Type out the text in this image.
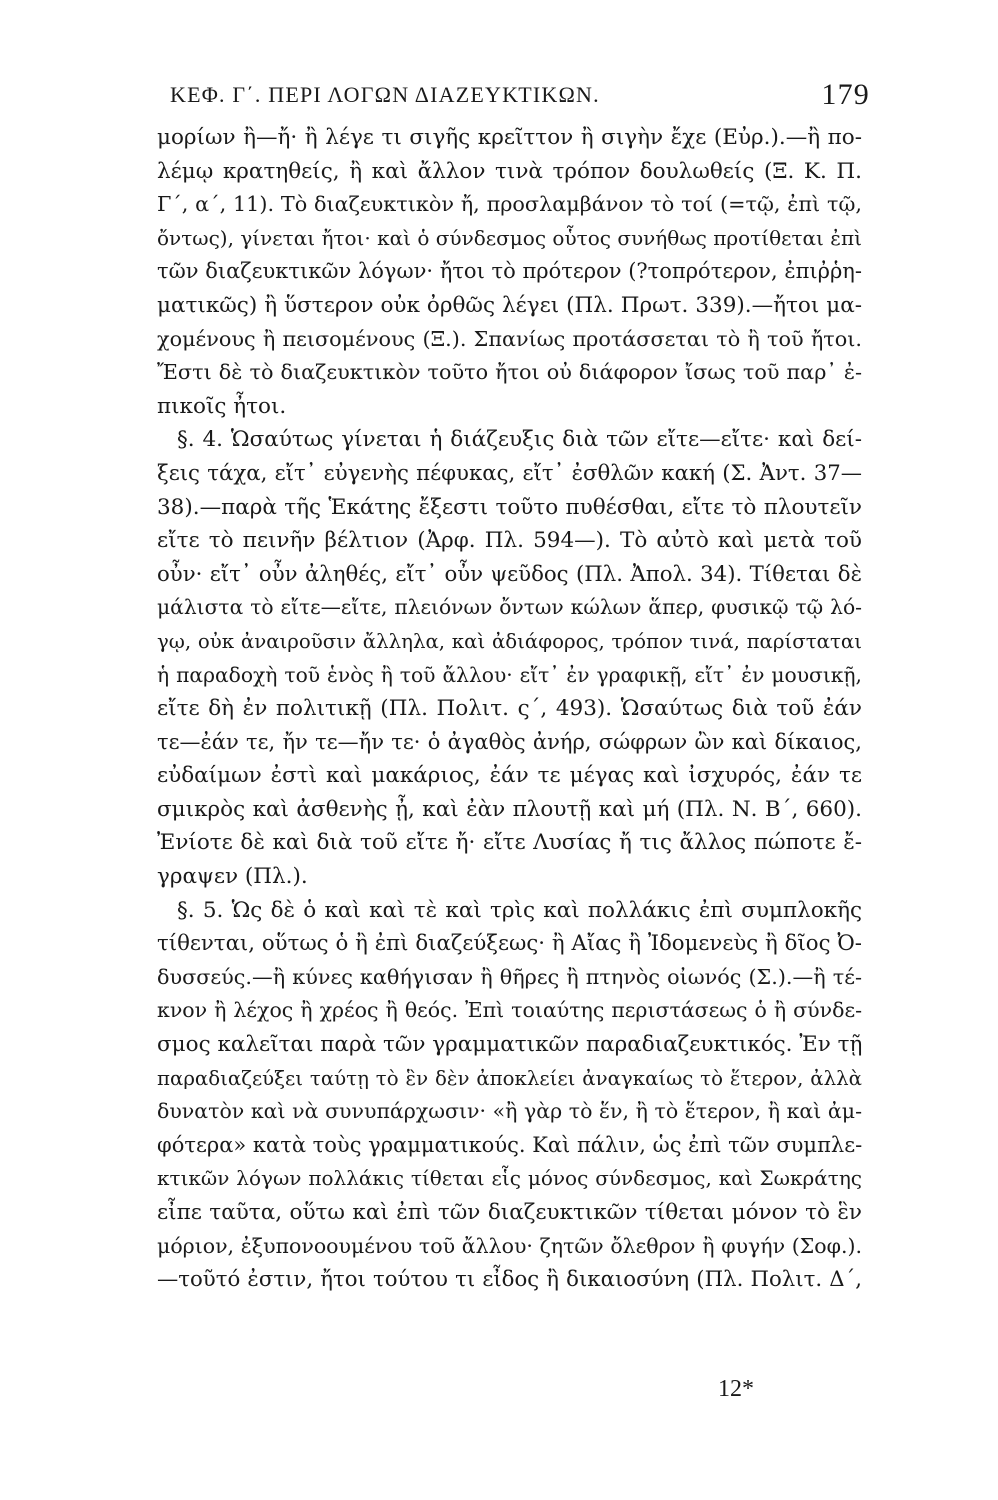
ΚΕΦ. Γ΄. ΠΕΡΙ ΛΟΓΩΝ ΔΙΑΖΕΥΚΤΙΚΩΝ.	179
μορίων ἢ—ἤ· ἢ λέγε τι σιγῆς κρεῖττον ἢ σιγὴν ἔχε (Εὐρ.).—ἢ πο-
λέμῳ κρατηθείς, ἢ καὶ ἄλλον τινὰ τρόπον δουλωθείς (Ξ. Κ. Π.
Γ΄, α΄, 11). Τὸ διαζευκτικὸν ἤ, προσλαμβάνον τὸ τοί (=τῷ, ἐπὶ τῷ,
ὄντως), γίνεται ἤτοι· καὶ ὁ σύνδεσμος οὗτος συνήθως προτίθεται ἐπὶ
τῶν διαζευκτικῶν λόγων· ἤτοι τὸ πρότερον (?τοπρότερον, ἐπιῤῥη-
ματικῶς) ἢ ὕστερον οὐκ ὀρθῶς λέγει (Πλ. Πρωτ. 339).—ἤτοι μα-
χομένους ἢ πεισομένους (Ξ.). Σπανίως προτάσσεται τὸ ἢ τοῦ ἤτοι.
Ἔστι δὲ τὸ διαζευκτικὸν τοῦτο ἤτοι οὐ διάφορον ἴσως τοῦ παρ᾽ ἐ-
πικοῖς ἦτοι.
§. 4. Ὡσαύτως γίνεται ἡ διάζευξις διὰ τῶν εἴτε—εἴτε· καὶ δεί-
ξεις τάχα, εἴτ᾽ εὐγενὴς πέφυκας, εἴτ᾽ ἐσθλῶν κακή (Σ. Ἀντ. 37—
38).—παρὰ τῆς Ἑκάτης ἔξεστι τοῦτο πυθέσθαι, εἴτε τὸ πλουτεῖν
εἴτε τὸ πεινῆν βέλτιον (Ἀρφ. Πλ. 594—). Τὸ αὐτὸ καὶ μετὰ τοῦ
οὖν· εἴτ᾽ οὖν ἀληθές, εἴτ᾽ οὖν ψεῦδος (Πλ. Ἀπολ. 34). Τίθεται δὲ
μάλιστα τὸ εἴτε—εἴτε, πλειόνων ὄντων κώλων ἅπερ, φυσικῷ τῷ λό-
γῳ, οὐκ ἀναιροῦσιν ἄλληλα, καὶ ἀδιάφορος, τρόπον τινά, παρίσταται
ἡ παραδοχὴ τοῦ ἑνὸς ἢ τοῦ ἄλλου· εἴτ᾽ ἐν γραφικῇ, εἴτ᾽ ἐν μουσικῇ,
εἴτε δὴ ἐν πολιτικῇ (Πλ. Πολιτ. ς΄, 493). Ὡσαύτως διὰ τοῦ ἐάν
τε—ἐάν τε, ἤν τε—ἤν τε· ὁ ἀγαθὸς ἀνήρ, σώφρων ὢν καὶ δίκαιος,
εὐδαίμων ἐστὶ καὶ μακάριος, ἐάν τε μέγας καὶ ἰσχυρός, ἐάν τε
σμικρὸς καὶ ἀσθενὴς ᾖ, καὶ ἐὰν πλουτῇ καὶ μή (Πλ. Ν. Β΄, 660).
Ἐνίοτε δὲ καὶ διὰ τοῦ εἴτε ἤ· εἴτε Λυσίας ἤ τις ἄλλος πώποτε ἔ-
γραψεν (Πλ.).
§. 5. Ὡς δὲ ὁ καὶ καὶ τὲ καὶ τρὶς καὶ πολλάκις ἐπὶ συμπλοκῆς
τίθενται, οὕτως ὁ ἢ ἐπὶ διαζεύξεως· ἢ Αἴας ἢ Ἰδομενεὺς ἢ δῖος Ὀ-
δυσσεύς.—ἢ κύνες καθήγισαν ἢ θῆρες ἢ πτηνὸς οἰωνός (Σ.).—ἢ τέ-
κνον ἢ λέχος ἢ χρέος ἢ θεός. Ἐπὶ τοιαύτης περιστάσεως ὁ ἢ σύνδε-
σμος καλεῖται παρὰ τῶν γραμματικῶν παραδιαζευκτικός. Ἐν τῇ
παραδιαζεύξει ταύτῃ τὸ ἓν δὲν ἀποκλείει ἀναγκαίως τὸ ἕτερον, ἀλλὰ
δυνατὸν καὶ νὰ συνυπάρχωσιν· «ἢ γὰρ τὸ ἕν, ἢ τὸ ἕτερον, ἢ καὶ ἀμ-
φότερα» κατὰ τοὺς γραμματικούς. Καὶ πάλιν, ὡς ἐπὶ τῶν συμπλε-
κτικῶν λόγων πολλάκις τίθεται εἷς μόνος σύνδεσμος, καὶ Σωκράτης
εἶπε ταῦτα, οὕτω καὶ ἐπὶ τῶν διαζευκτικῶν τίθεται μόνον τὸ ἓν
μόριον, ἐξυπονοουμένου τοῦ ἄλλου· ζητῶν ὄλεθρον ἢ φυγήν (Σοφ.).
—τοῦτό ἐστιν, ἤτοι τούτου τι εἶδος ἢ δικαιοσύνη (Πλ. Πολιτ. Δ΄,
12*
